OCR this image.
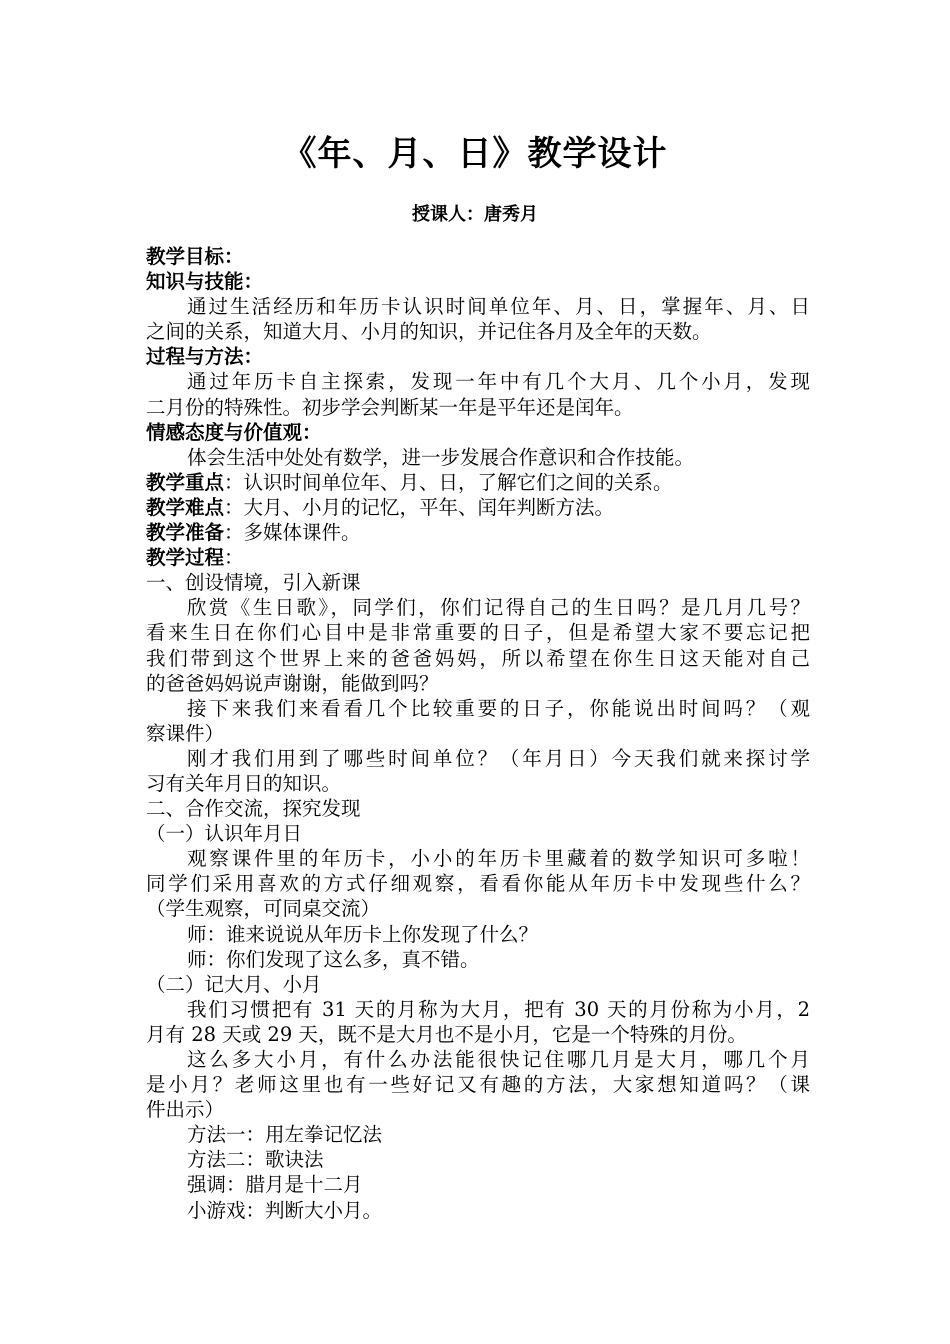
《年、月、日》教学设计
授课人：唐秀月

教学目标：

知识与技能：

通过生活经历和年历卡认识时间单位年、月、日，掌握年、月、日

之间的关系，知道大月、小月的知识，并记住各月及全年的天数。

过程与方法：

通过年历卡自主探索，发现一年中有几个大月、几个小月，发现

二月份的特殊性。初步学会判断某一年是平年还是闰年。

情感态度与价值观：

体会生活中处处有数学，进一步发展合作意识和合作技能。

教学重点：认识时间单位年、月、日，了解它们之间的关系。

教学难点：大月、小月的记忆，平年、闰年判断方法。

教学准备：多媒体课件。

教学过程：

一、创设情境，引入新课

欣赏《生日歌》，同学们，你们记得自己的生日吗？是几月几号？

看来生日在你们心目中是非常重要的日子，但是希望大家不要忘记把

我们带到这个世界上来的爸爸妈妈，所以希望在你生日这天能对自己

的爸爸妈妈说声谢谢，能做到吗？

接下来我们来看看几个比较重要的日子，你能说出时间吗？（观

察课件）

刚才我们用到了哪些时间单位？（年月日）今天我们就来探讨学

习有关年月日的知识。

二、合作交流，探究发现

（一）认识年月日

观察课件里的年历卡，小小的年历卡里藏着的数学知识可多啦！

同学们采用喜欢的方式仔细观察，看看你能从年历卡中发现些什么？

（学生观察，可同桌交流）

师：谁来说说从年历卡上你发现了什么？

师：你们发现了这么多，真不错。

（二）记大月、小月

我们习惯把有 31 天的月称为大月，把有 30 天的月份称为小月，2

月有 28 天或 29 天，既不是大月也不是小月，它是一个特殊的月份。

这么多大小月，有什么办法能很快记住哪几月是大月，哪几个月

是小月？老师这里也有一些好记又有趣的方法，大家想知道吗？（课

件出示）

方法一：用左拳记忆法

方法二：歌诀法

强调：腊月是十二月

小游戏：判断大小月。
